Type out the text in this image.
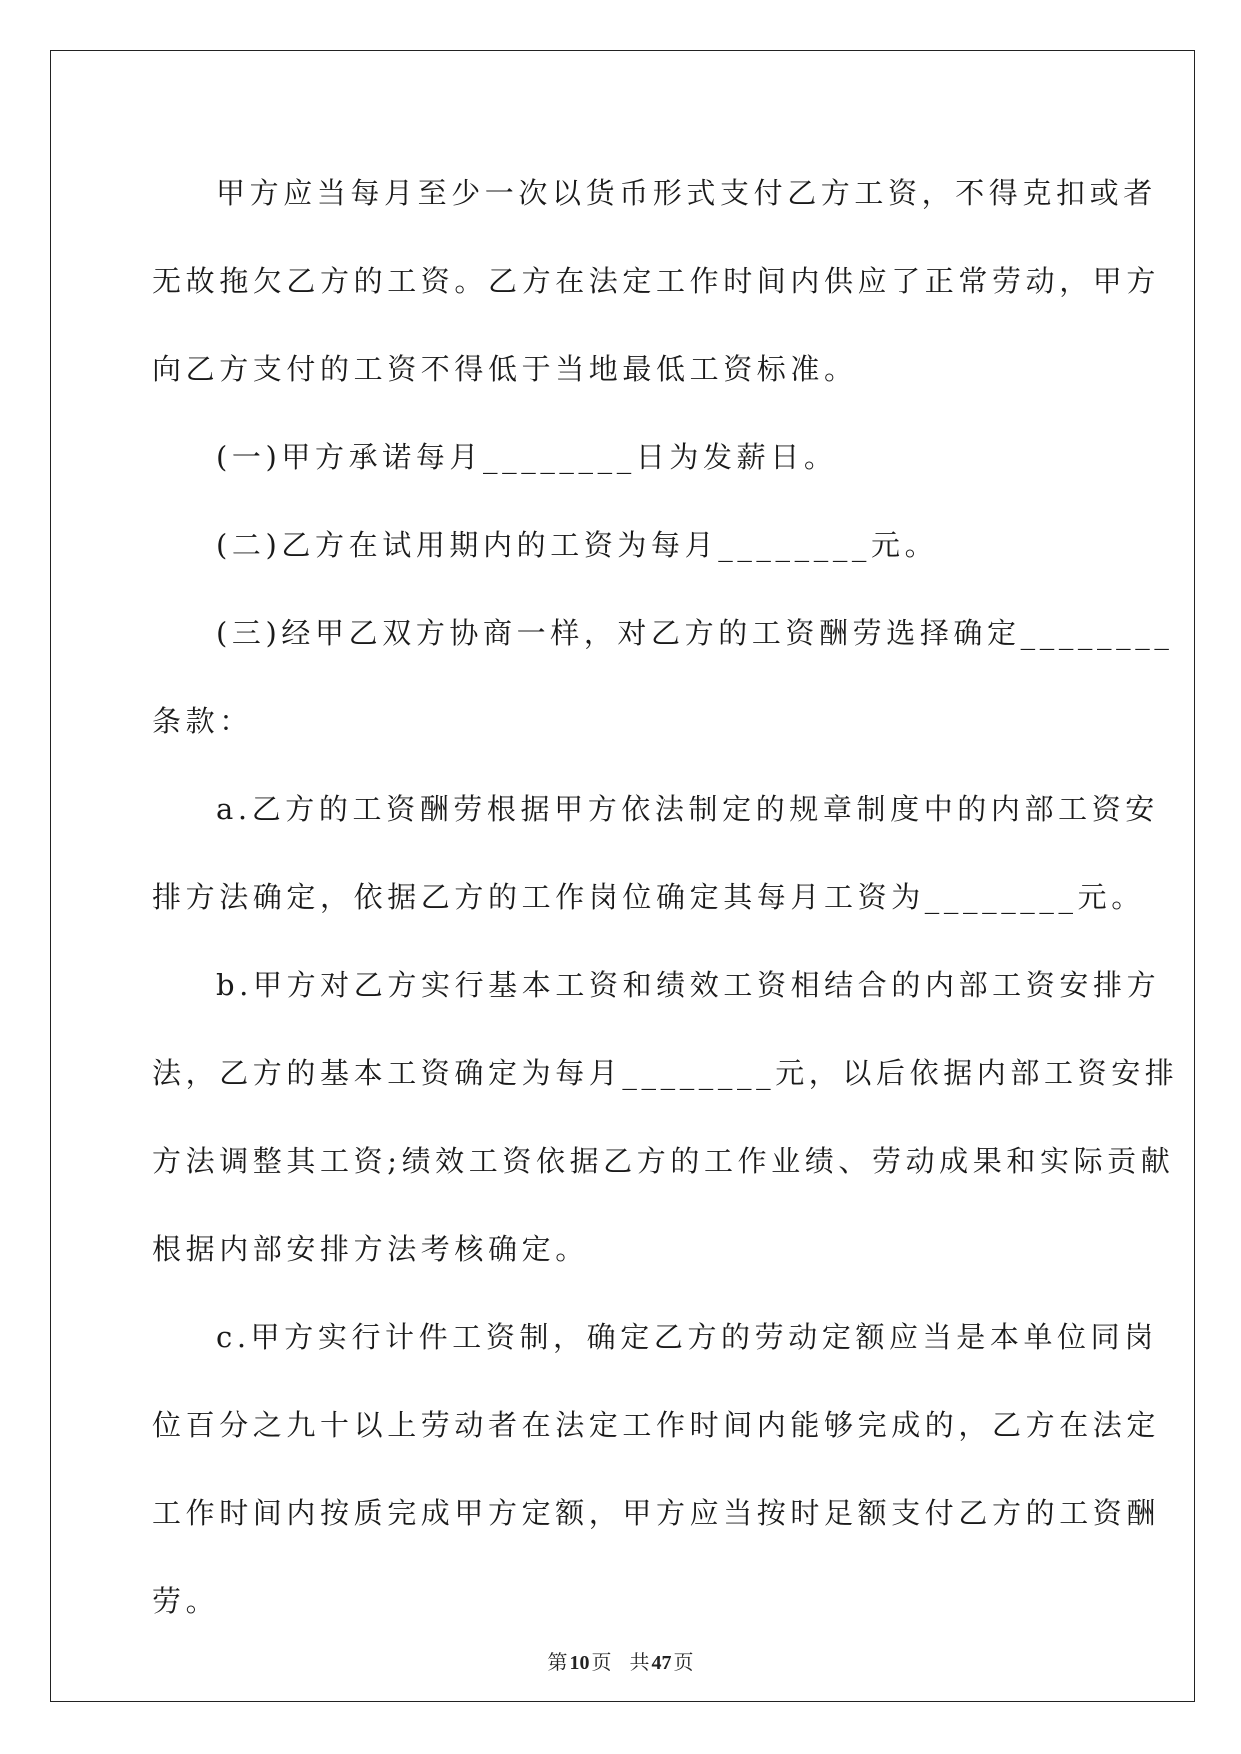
甲方应当每月至少一次以货币形式支付乙方工资，不得克扣或者
无故拖欠乙方的工资。乙方在法定工作时间内供应了正常劳动，甲方
向乙方支付的工资不得低于当地最低工资标准。
(一)甲方承诺每月________日为发薪日。
(二)乙方在试用期内的工资为每月________元。
(三)经甲乙双方协商一样，对乙方的工资酬劳选择确定________
条款：
a.乙方的工资酬劳根据甲方依法制定的规章制度中的内部工资安
排方法确定，依据乙方的工作岗位确定其每月工资为________元。
b.甲方对乙方实行基本工资和绩效工资相结合的内部工资安排方
法，乙方的基本工资确定为每月________元，以后依据内部工资安排
方法调整其工资;绩效工资依据乙方的工作业绩、劳动成果和实际贡献
根据内部安排方法考核确定。
c.甲方实行计件工资制，确定乙方的劳动定额应当是本单位同岗
位百分之九十以上劳动者在法定工作时间内能够完成的，乙方在法定
工作时间内按质完成甲方定额，甲方应当按时足额支付乙方的工资酬
劳。
第 10 页 共 47 页
